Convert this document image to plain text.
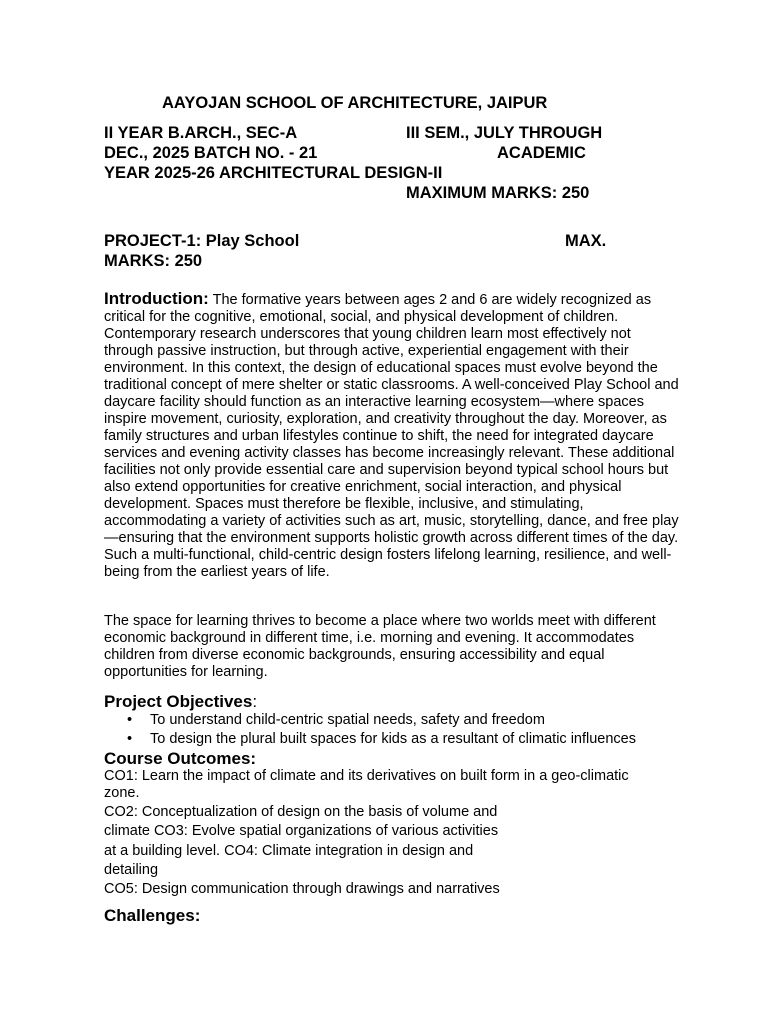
AAYOJAN SCHOOL OF ARCHITECTURE, JAIPUR
II YEAR B.ARCH., SEC-A	III SEM., JULY THROUGH
DEC., 2025 BATCH NO. - 21	ACADEMIC
YEAR 2025-26 ARCHITECTURAL DESIGN-II
MAXIMUM MARKS: 250
PROJECT-1: Play School	MAX.
MARKS: 250
Introduction: The formative years between ages 2 and 6 are widely recognized as critical for the cognitive, emotional, social, and physical development of children. Contemporary research underscores that young children learn most effectively not through passive instruction, but through active, experiential engagement with their environment. In this context, the design of educational spaces must evolve beyond the traditional concept of mere shelter or static classrooms. A well-conceived Play School and daycare facility should function as an interactive learning ecosystem—where spaces inspire movement, curiosity, exploration, and creativity throughout the day. Moreover, as family structures and urban lifestyles continue to shift, the need for integrated daycare services and evening activity classes has become increasingly relevant. These additional facilities not only provide essential care and supervision beyond typical school hours but also extend opportunities for creative enrichment, social interaction, and physical development. Spaces must therefore be flexible, inclusive, and stimulating, accommodating a variety of activities such as art, music, storytelling, dance, and free play—ensuring that the environment supports holistic growth across different times of the day. Such a multi-functional, child-centric design fosters lifelong learning, resilience, and well-being from the earliest years of life.
The space for learning thrives to become a place where two worlds meet with different economic background in different time, i.e. morning and evening. It accommodates children from diverse economic backgrounds, ensuring accessibility and equal opportunities for learning.
Project Objectives:
• To understand child-centric spatial needs, safety and freedom
• To design the plural built spaces for kids as a resultant of climatic influences
Course Outcomes:
CO1: Learn the impact of climate and its derivatives on built form in a geo-climatic
zone.
CO2: Conceptualization of design on the basis of volume and
climate CO3: Evolve spatial organizations of various activities
at a building level. CO4: Climate integration in design and
detailing
CO5: Design communication through drawings and narratives
Challenges:
